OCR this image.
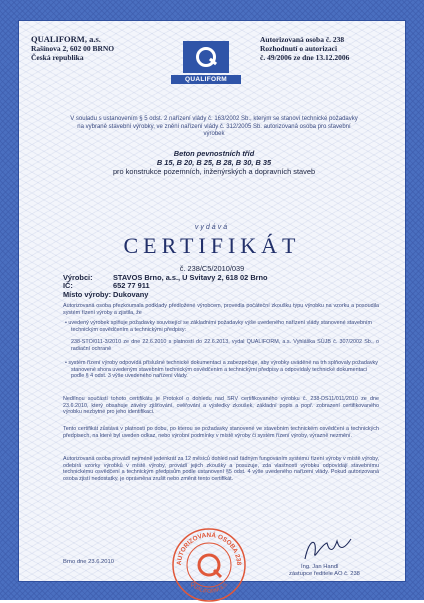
QUALIFORM, a.s.
Rašínova 2, 602 00 BRNO
Česká republika
QUALIFORM
Autorizovaná osoba č. 238
Rozhodnutí o autorizaci
č. 49/2006 ze dne 13.12.2006
V souladu s ustanovením § 5 odst. 2 nařízení vlády č. 163/2002 Sb., kterým se stanoví technické požadavky na vybrané stavební výrobky, ve znění nařízení vlády č. 312/2005 Sb. autorizovaná osoba pro stavební výrobek
Beton pevnostních tříd
B 15, B 20, B 25, B 28, B 30, B 35
pro konstrukce pozemních, inženýrských a dopravních staveb
vydává
CERTIFIKÁT
č. 238/C5/2010/039
Výrobci:	STAVOS Brno, a.s., U Svitavy 2, 618 02 Brno
IČ:	652 77 911
Místo výroby: Dukovany
Autorizovaná osoba přezkoumala podklady předložené výrobcem, provedla počáteční zkoušku typu výrobku na vzorku a posoudila systém řízení výroby a zjistila, že
• uvedený výrobek splňuje požadavky související se základními požadavky výše uvedeného nařízení vlády stanovené stavebním technickým osvědčením a technickými předpisy:
238-STO/011-3/2010 ze dne 22.6.2010 s platností do 22.6.2013, vydal QUALIFORM, a.s. Vyhláška SÚJB č. 307/2002 Sb., o radiační ochraně
• systém řízení výroby odpovídá příslušné technické dokumentaci a zabezpečuje, aby výrobky uváděné na trh splňovaly požadavky stanovené shora uvedeným stavebním technickým osvědčením a technickými předpisy a odpovídaly technické dokumentaci podle § 4 odst. 3 výše uvedeného nařízení vlády.
Nedílnou součástí tohoto certifikátu je Protokol o dohledu nad SRV certifikovaného výrobku č. 238-DS11/011/2010 ze dne 23.6.2010, který obsahuje závěry zjišťování, ověřování a výsledky zkoušek, základní popis a popř. zobrazení certifikovaného výrobku nezbytné pro jeho identifikaci.
Tento certifikát zůstává v platnosti po dobu, po kterou se požadavky stanovené ve stavebním technickém osvědčení a technických předpisech, na které byl uveden odkaz, nebo výrobní podmínky v místě výroby či systém řízení výroby, výrazně nezmění.
Autorizovaná osoba provádí nejméně jedenkrát za 12 měsíců dohled nad řádným fungováním systému řízení výroby v místě výroby, odebírá vzorky výrobků v místě výroby, provádí jejich zkoušky a posuzuje, zda vlastnosti výrobku odpovídají stavebnímu technickému osvědčení a technickým předpisům podle ustanovení §5 odst. 4 výše uvedeného nařízení vlády. Pokud autorizovaná osoba zjistí nedostatky, je oprávněna zrušit nebo změnit tento certifikát.
Brno dne 23.6.2010	AUTORIZOVANÁ OSOBA 238
QUALIFORM a.s.
Ing. Jan Handl
zástupce ředitele AO č. 238
